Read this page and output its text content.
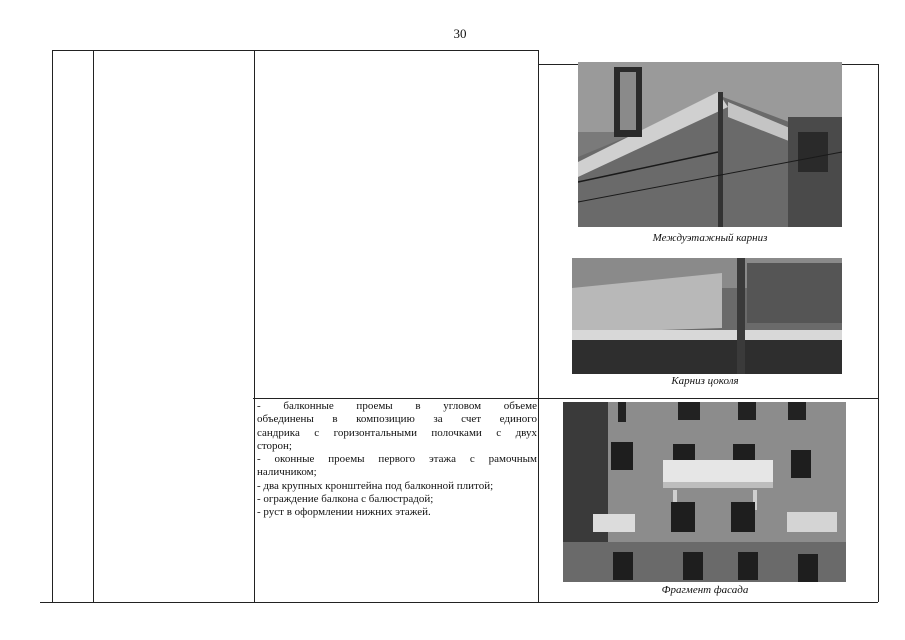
30
Междуэтажный карниз
Карниз цоколя
Фрагмент фасада

- балконные проемы в угловом объеме

объединены в композицию за счет единого

сандрика с горизонтальными полочками с двух

сторон;

- оконные проемы первого этажа с рамочным

наличником;

- два крупных кронштейна под балконной плитой;

- ограждение балкона с балюстрадой;

- руст в оформлении нижних этажей.
